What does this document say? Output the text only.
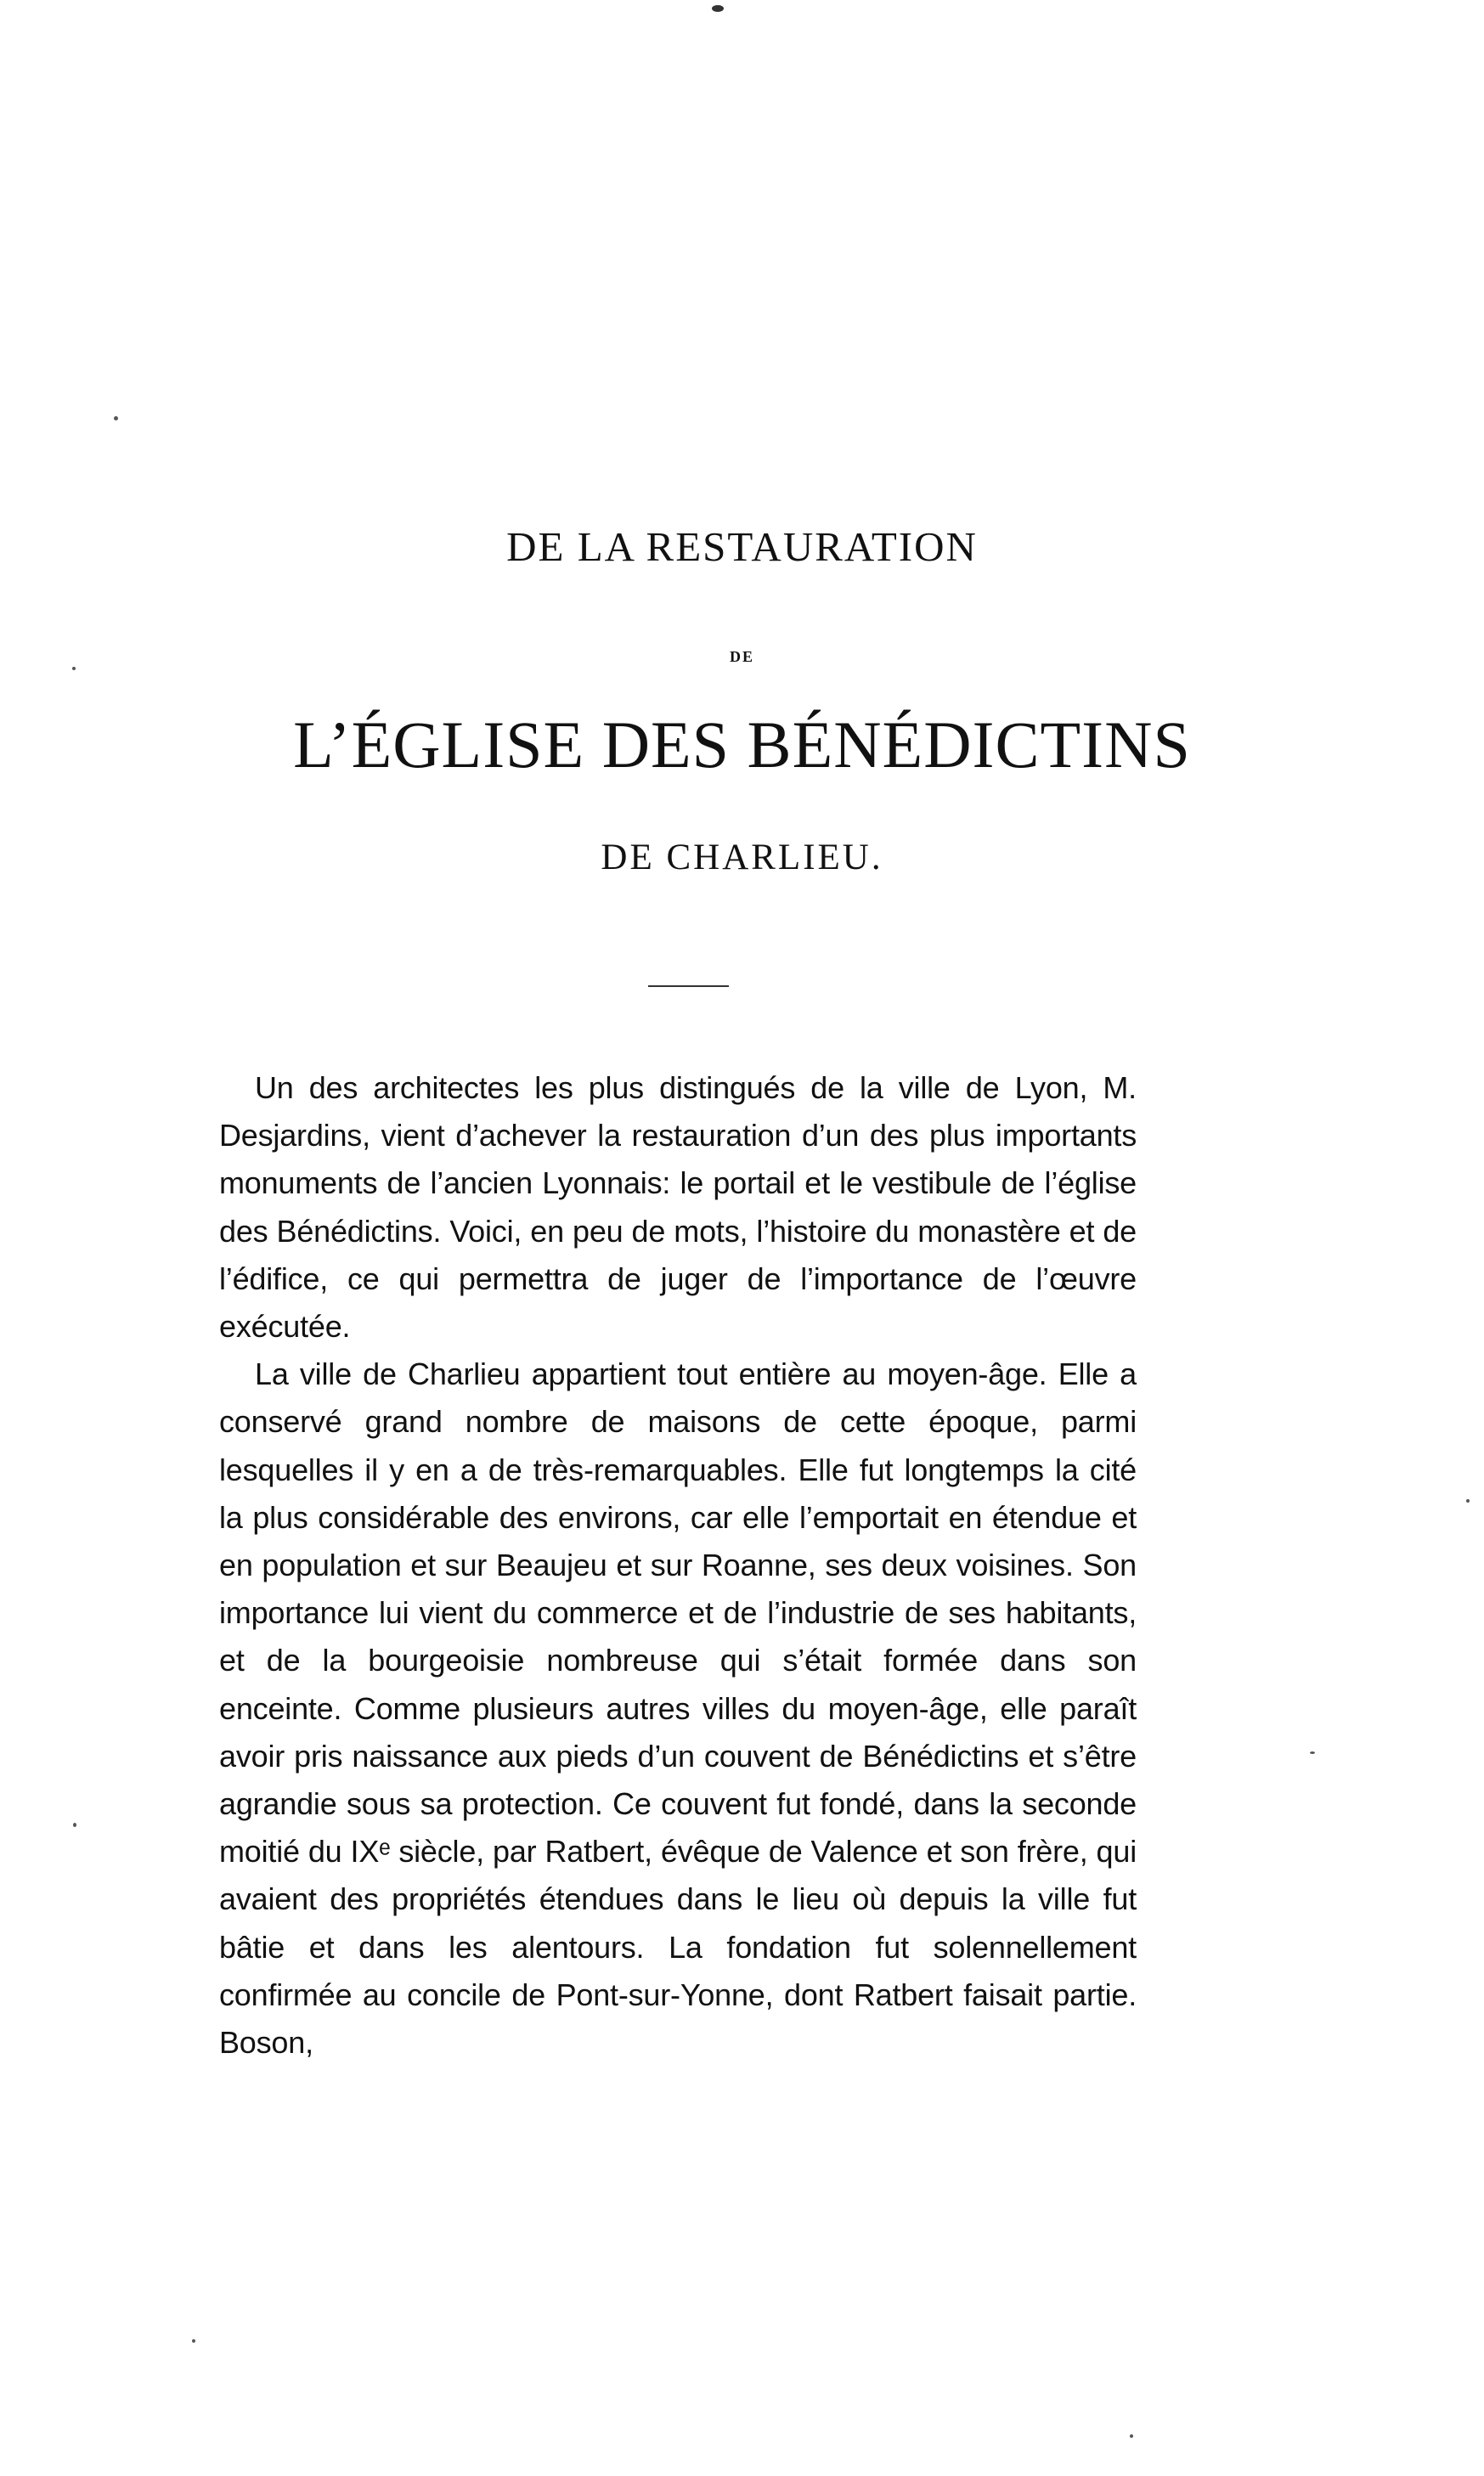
DE LA RESTAURATION
DE
L’ÉGLISE DES BÉNÉDICTINS
DE CHARLIEU.

Un des architectes les plus distingués de la ville de Lyon, M. Desjardins, vient d’achever la restauration d’un des plus importants monuments de l’ancien Lyonnais: le portail et le vestibule de l’église des Bénédictins. Voici, en peu de mots, l’histoire du monastère et de l’édifice, ce qui permettra de juger de l’importance de l’œuvre exécutée.

La ville de Charlieu appartient tout entière au moyen-âge. Elle a conservé grand nombre de maisons de cette époque, parmi lesquelles il y en a de très-remarquables. Elle fut longtemps la cité la plus considérable des environs, car elle l’emportait en étendue et en population et sur Beaujeu et sur Roanne, ses deux voisines. Son importance lui vient du commerce et de l’industrie de ses habitants, et de la bourgeoisie nombreuse qui s’était formée dans son enceinte. Comme plusieurs autres villes du moyen-âge, elle paraît avoir pris naissance aux pieds d’un couvent de Bénédictins et s’être agrandie sous sa protection. Ce couvent fut fondé, dans la seconde moitié du IXᵉ siècle, par Ratbert, évêque de Valence et son frère, qui avaient des propriétés étendues dans le lieu où depuis la ville fut bâtie et dans les alentours. La fondation fut solennellement confirmée au concile de Pont-sur-Yonne, dont Ratbert faisait partie. Boson,
